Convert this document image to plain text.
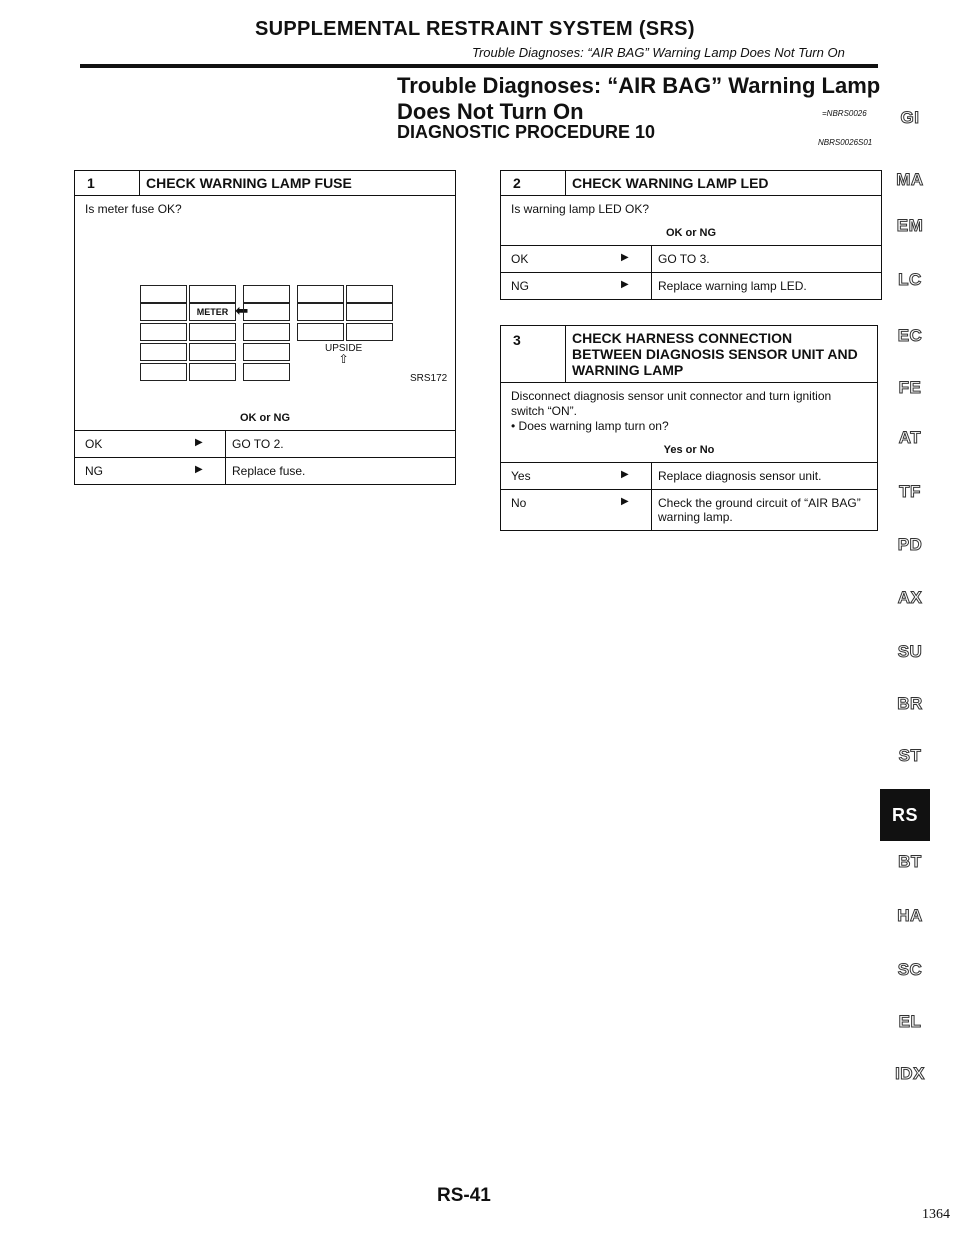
SUPPLEMENTAL RESTRAINT SYSTEM (SRS)
Trouble Diagnoses: “AIR BAG” Warning Lamp Does Not Turn On
Trouble Diagnoses: “AIR BAG” Warning Lamp
Does Not Turn On	=NBRS0026
DIAGNOSTIC PROCEDURE 10
NBRS0026S01
1	CHECK WARNING LAMP FUSE
Is meter fuse OK?
METER ⬅
UPSIDE
⇧
SRS172
OK or NG
OK	▶	GO TO 2.
NG	▶	Replace fuse.
2	CHECK WARNING LAMP LED
Is warning lamp LED OK?
OK or NG
OK	▶	GO TO 3.
NG	▶	Replace warning lamp LED.
3	CHECK HARNESS CONNECTION
BETWEEN DIAGNOSIS SENSOR UNIT AND
WARNING LAMP
Disconnect diagnosis sensor unit connector and turn ignition switch “ON”.
• Does warning lamp turn on?
Yes or No
Yes	▶	Replace diagnosis sensor unit.
No	▶	Check the ground circuit of “AIR BAG” warning lamp.
GI
MA
EM
LC
EC
FE
AT
TF
PD
AX
SU
BR
ST
RS
BT
HA
SC
EL
IDX
RS-41
1364
